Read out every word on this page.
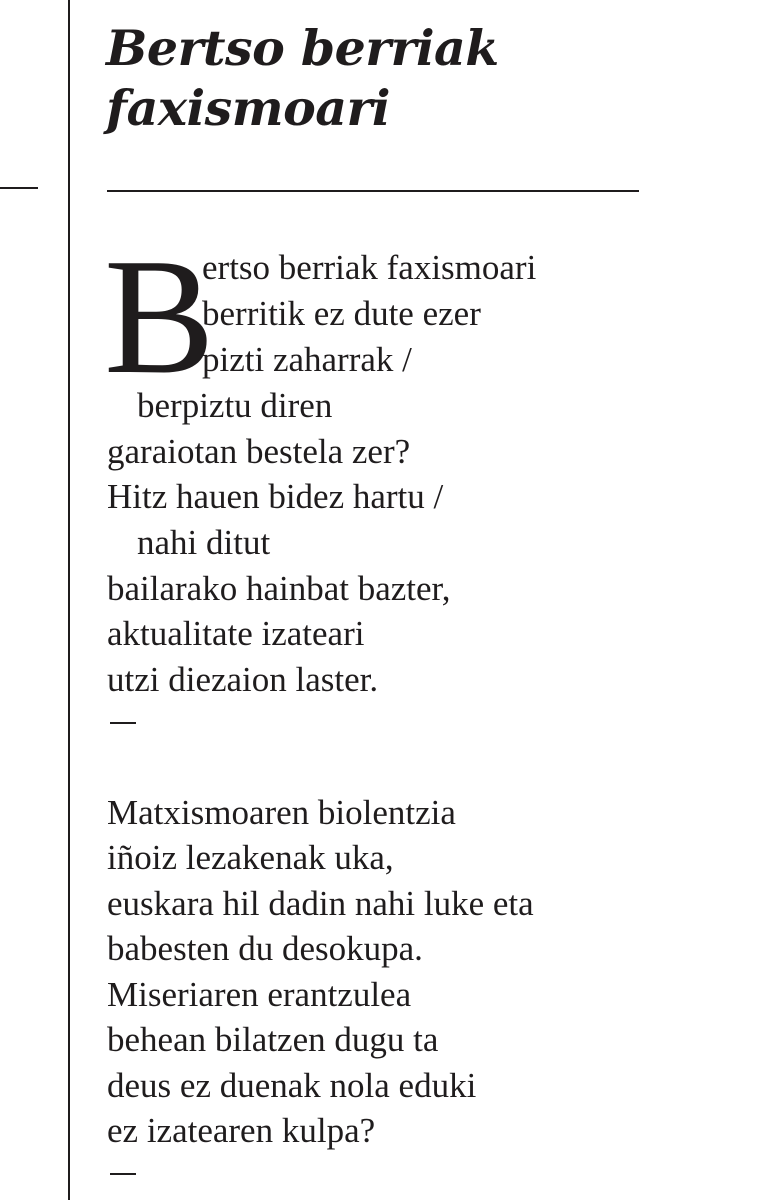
Bertso berriak
faxismoari
B
ertso berriak faxismoari
berritik ez dute ezer
pizti zaharrak /
berpiztu diren
garaiotan bestela zer?
Hitz hauen bidez hartu /
nahi ditut
bailarako hainbat bazter,
aktualitate izateari
utzi diezaion laster.
Matxismoaren biolentzia
iñoiz lezakenak uka,
euskara hil dadin nahi luke eta
babesten du desokupa.
Miseriaren erantzulea
behean bilatzen dugu ta
deus ez duenak nola eduki
ez izatearen kulpa?
